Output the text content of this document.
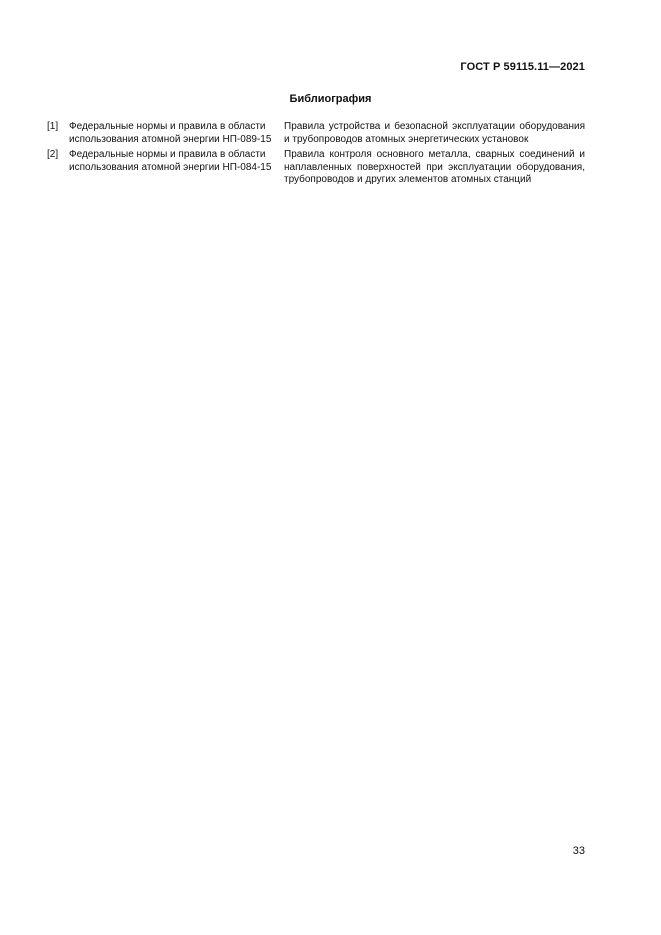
ГОСТ Р 59115.11—2021
Библиография
[1]	Федеральные нормы и правила в области использования атомной энергии НП-089-15
Правила устройства и безопасной эксплуатации оборудования и трубопроводов атомных энергетических установок
[2]	Федеральные нормы и правила в области использования атомной энергии НП-084-15
Правила контроля основного металла, сварных соединений и наплавленных поверхностей при эксплуатации оборудования, трубопроводов и других элементов атомных станций
33
